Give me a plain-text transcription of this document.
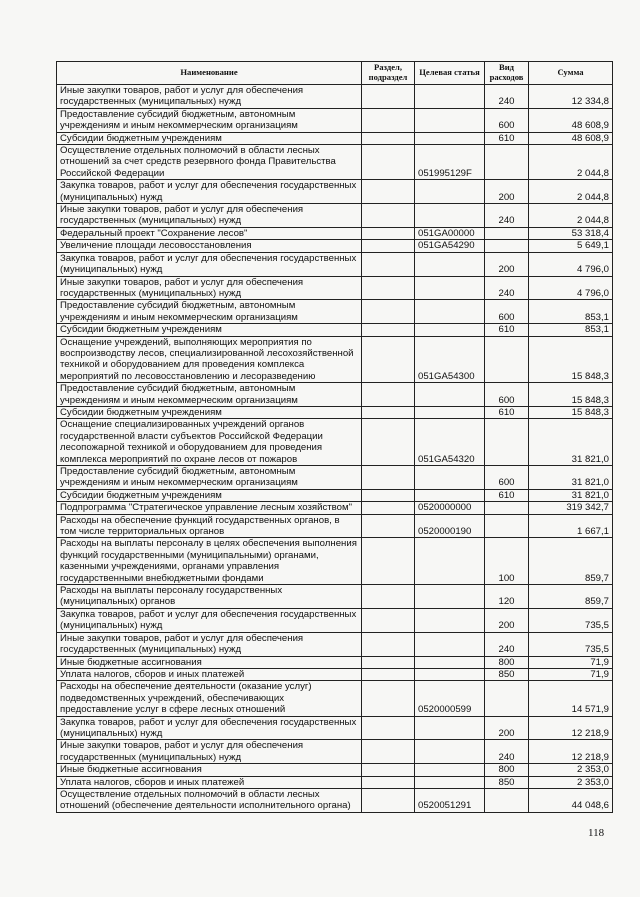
Наименование	Раздел, подраздел	Целевая статья	Вид расходов	Сумма
Иные закупки товаров, работ и услуг для обеспечения государственных (муниципальных) нужд			240	12 334,8
Предоставление субсидий бюджетным, автономным учреждениям и иным некоммерческим организациям			600	48 608,9
Субсидии бюджетным учреждениям			610	48 608,9
Осуществление отдельных полномочий в области лесных отношений за счет средств резервного фонда Правительства Российской Федерации		051995129F		2 044,8
Закупка товаров, работ и услуг для обеспечения государственных (муниципальных) нужд			200	2 044,8
Иные закупки товаров, работ и услуг для обеспечения государственных (муниципальных) нужд			240	2 044,8
Федеральный проект "Сохранение лесов"		051GA00000		53 318,4
Увеличение площади лесовосстановления		051GA54290		5 649,1
Закупка товаров, работ и услуг для обеспечения государственных (муниципальных) нужд			200	4 796,0
Иные закупки товаров, работ и услуг для обеспечения государственных (муниципальных) нужд			240	4 796,0
Предоставление субсидий бюджетным, автономным учреждениям и иным некоммерческим организациям			600	853,1
Субсидии бюджетным учреждениям			610	853,1
Оснащение учреждений, выполняющих мероприятия по воспроизводству лесов, специализированной лесохозяйственной техникой и оборудованием для проведения комплекса мероприятий по лесовосстановлению и лесоразведению		051GA54300		15 848,3
Предоставление субсидий бюджетным, автономным учреждениям и иным некоммерческим организациям			600	15 848,3
Субсидии бюджетным учреждениям			610	15 848,3
Оснащение специализированных учреждений органов государственной власти субъектов Российской Федерации лесопожарной техникой и оборудованием для проведения комплекса мероприятий по охране лесов от пожаров		051GA54320		31 821,0
Предоставление субсидий бюджетным, автономным учреждениям и иным некоммерческим организациям			600	31 821,0
Субсидии бюджетным учреждениям			610	31 821,0
Подпрограмма "Стратегическое управление лесным хозяйством"		0520000000		319 342,7
Расходы на обеспечение функций государственных органов, в том числе территориальных органов		0520000190		1 667,1
Расходы на выплаты персоналу в целях обеспечения выполнения функций государственными (муниципальными) органами, казенными учреждениями, органами управления государственными внебюджетными фондами			100	859,7
Расходы на выплаты персоналу государственных (муниципальных) органов			120	859,7
Закупка товаров, работ и услуг для обеспечения государственных (муниципальных) нужд			200	735,5
Иные закупки товаров, работ и услуг для обеспечения государственных (муниципальных) нужд			240	735,5
Иные бюджетные ассигнования			800	71,9
Уплата налогов, сборов и иных платежей			850	71,9
Расходы на обеспечение деятельности (оказание услуг) подведомственных учреждений, обеспечивающих предоставление услуг в сфере лесных отношений		0520000599		14 571,9
Закупка товаров, работ и услуг для обеспечения государственных (муниципальных) нужд			200	12 218,9
Иные закупки товаров, работ и услуг для обеспечения государственных (муниципальных) нужд			240	12 218,9
Иные бюджетные ассигнования			800	2 353,0
Уплата налогов, сборов и иных платежей			850	2 353,0
Осуществление отдельных полномочий в области лесных отношений (обеспечение деятельности исполнительного органа)		0520051291		44 048,6
118
